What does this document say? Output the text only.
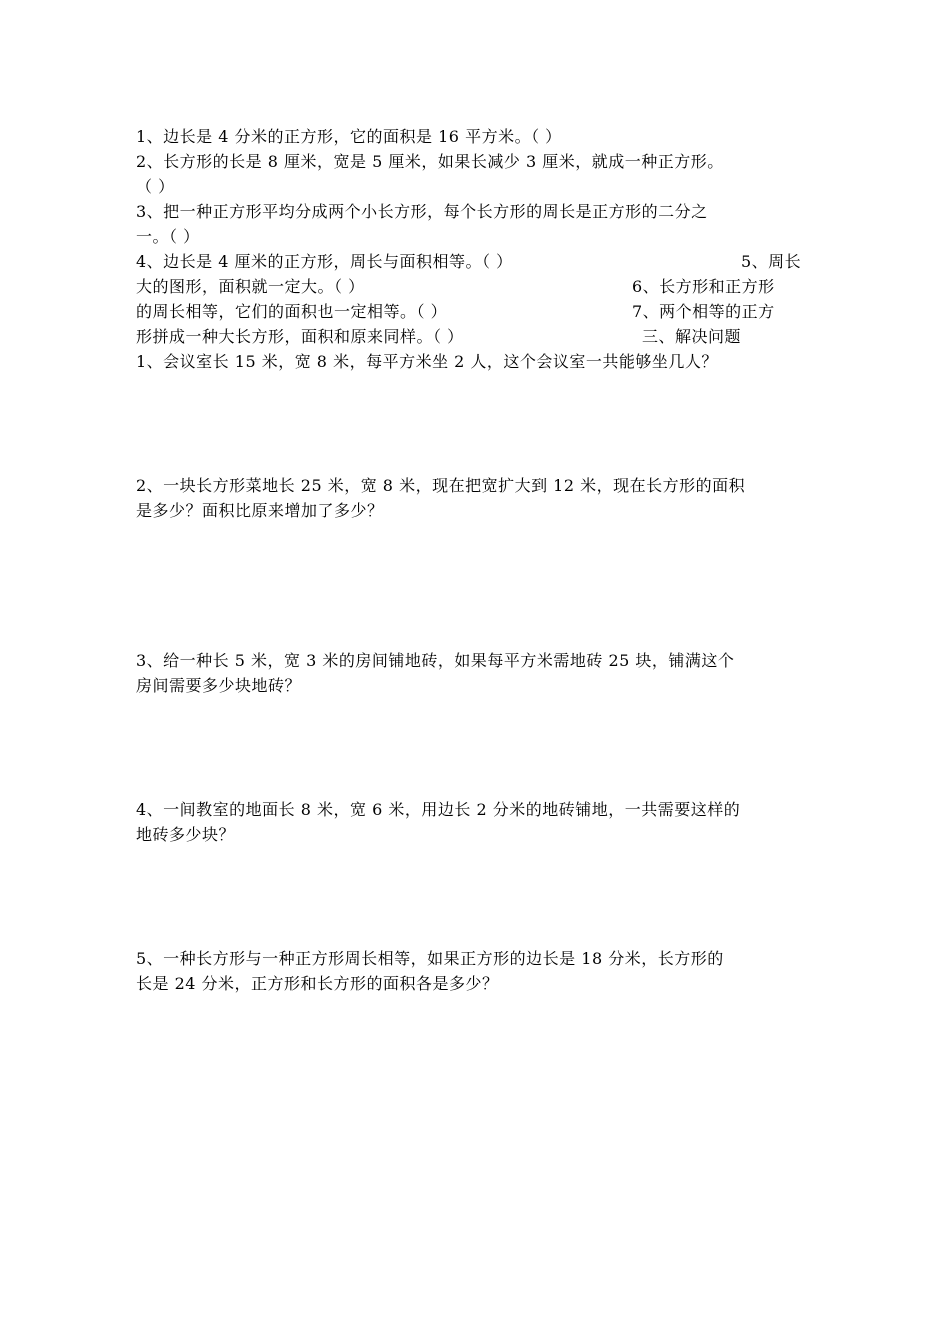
1、边长是 4 分米的正方形，它的面积是 16 平方米。（ ）
2、长方形的长是 8 厘米，宽是 5 厘米，如果长减少 3 厘米，就成一种正方形。
（ ）
3、把一种正方形平均分成两个小长方形，每个长方形的周长是正方形的二分之
一。（ ）
4、边长是 4 厘米的正方形，周长与面积相等。（ ）	5、周长
大的图形，面积就一定大。（ ）	6、长方形和正方形
的周长相等，它们的面积也一定相等。（ ）	7、两个相等的正方
形拼成一种大长方形，面积和原来同样。（ ）	三、解决问题
1、会议室长 15 米，宽 8 米，每平方米坐 2 人，这个会议室一共能够坐几人？
2、一块长方形菜地长 25 米，宽 8 米，现在把宽扩大到 12 米，现在长方形的面积
是多少？面积比原来增加了多少？
3、给一种长 5 米，宽 3 米的房间铺地砖，如果每平方米需地砖 25 块，铺满这个
房间需要多少块地砖？
4、一间教室的地面长 8 米，宽 6 米，用边长 2 分米的地砖铺地，一共需要这样的
地砖多少块？
5、一种长方形与一种正方形周长相等，如果正方形的边长是 18 分米，长方形的
长是 24 分米，正方形和长方形的面积各是多少？
